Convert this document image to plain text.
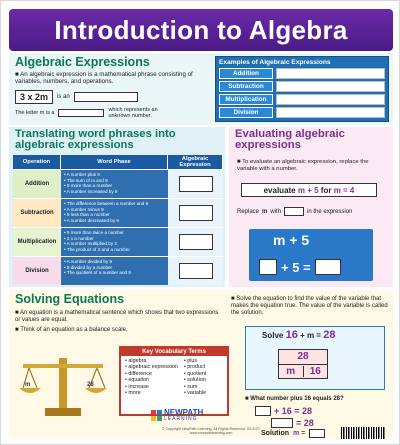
Introduction to Algebra
Algebraic Expressions
■ An algebraic expression is a mathematical phrase consisting of variables, numbers, and operations.
3 x 2m	is an
The letter m is a	which represents an unknown number.
Examples of Algebraic Expressions
Addition
Subtraction
Multiplication
Division
Translating word phrases into algebraic expressions
Operation	Word Phase	Algebraic Expression
Addition
• A number plus 9
• The sum of m and 9
• 9 more than a number
• A number increased by 9
Subtraction
• The difference between a number and 9
• A number minus 9
• 9 less than a number
• A number decreased by 9
Multiplication
• 5 more than twice a number
• 2 x a number
• A number multiplied by 2
• The product of 2 and a number
Division
• A number divided by 9
• 9 divided by a number
• The quotient of a number and 9
Evaluating algebraic expressions
■ To evaluate an algebraic expression, replace the variable with a number.
evaluate
m + 5
for
m = 4
Replace m with	in the expression
m + 5
+ 5 =
Solving Equations
■ An equation is a mathematical sentence which shows that two expressions or values are equal.
■ Think of an equation as a balance scale.
m	28
Key Vocabulary Terms
• algebra
• algebraic expression
• difference
• equation
• increase
• more
• plus
• product
• quotient
• solution
• sum
• variable
■ Solve the equation to find the value of the variable that makes the equation true. The value of the variable is called the solution.
Solve 16 + m = 28
28
m	16
■ What number plus 16 equals 28?
+ 16 = 28
= 28
Solution m =
NEWPATH
LEARNING
© Copyright NewPath Learning. All Rights Reserved. 93-4107 www.newpathlearning.com
